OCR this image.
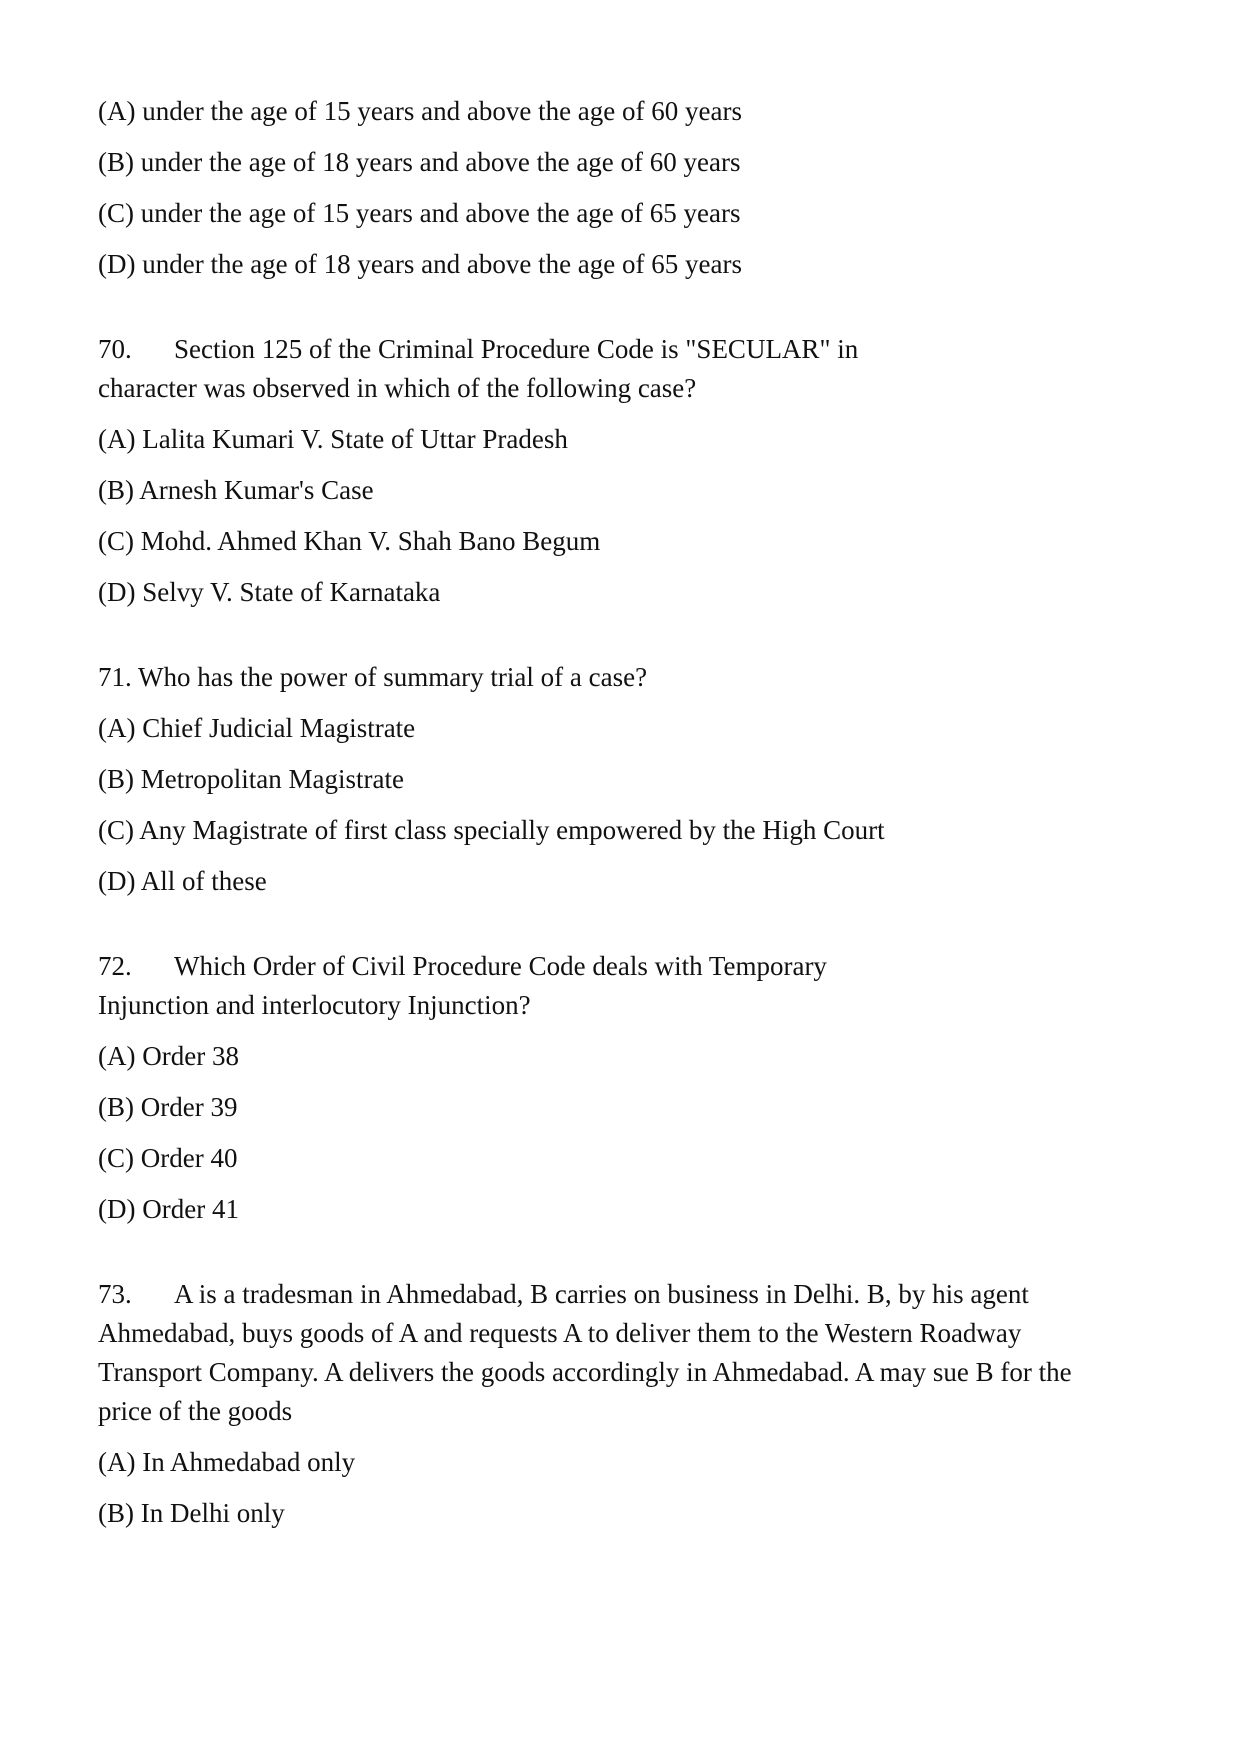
(A) under the age of 15 years and above the age of 60 years
(B) under the age of 18 years and above the age of 60 years
(C) under the age of 15 years and above the age of 65 years
(D) under the age of 18 years and above the age of 65 years
70. Section 125 of the Criminal Procedure Code is "SECULAR" in character was observed in which of the following case?
(A) Lalita Kumari V. State of Uttar Pradesh
(B) Arnesh Kumar's Case
(C) Mohd. Ahmed Khan V. Shah Bano Begum
(D) Selvy V. State of Karnataka
71. Who has the power of summary trial of a case?
(A) Chief Judicial Magistrate
(B) Metropolitan Magistrate
(C) Any Magistrate of first class specially empowered by the High Court
(D) All of these
72. Which Order of Civil Procedure Code deals with Temporary Injunction and interlocutory Injunction?
(A) Order 38
(B) Order 39
(C) Order 40
(D) Order 41
73. A is a tradesman in Ahmedabad, B carries on business in Delhi. B, by his agent Ahmedabad, buys goods of A and requests A to deliver them to the Western Roadway Transport Company. A delivers the goods accordingly in Ahmedabad. A may sue B for the price of the goods
(A) In Ahmedabad only
(B) In Delhi only
